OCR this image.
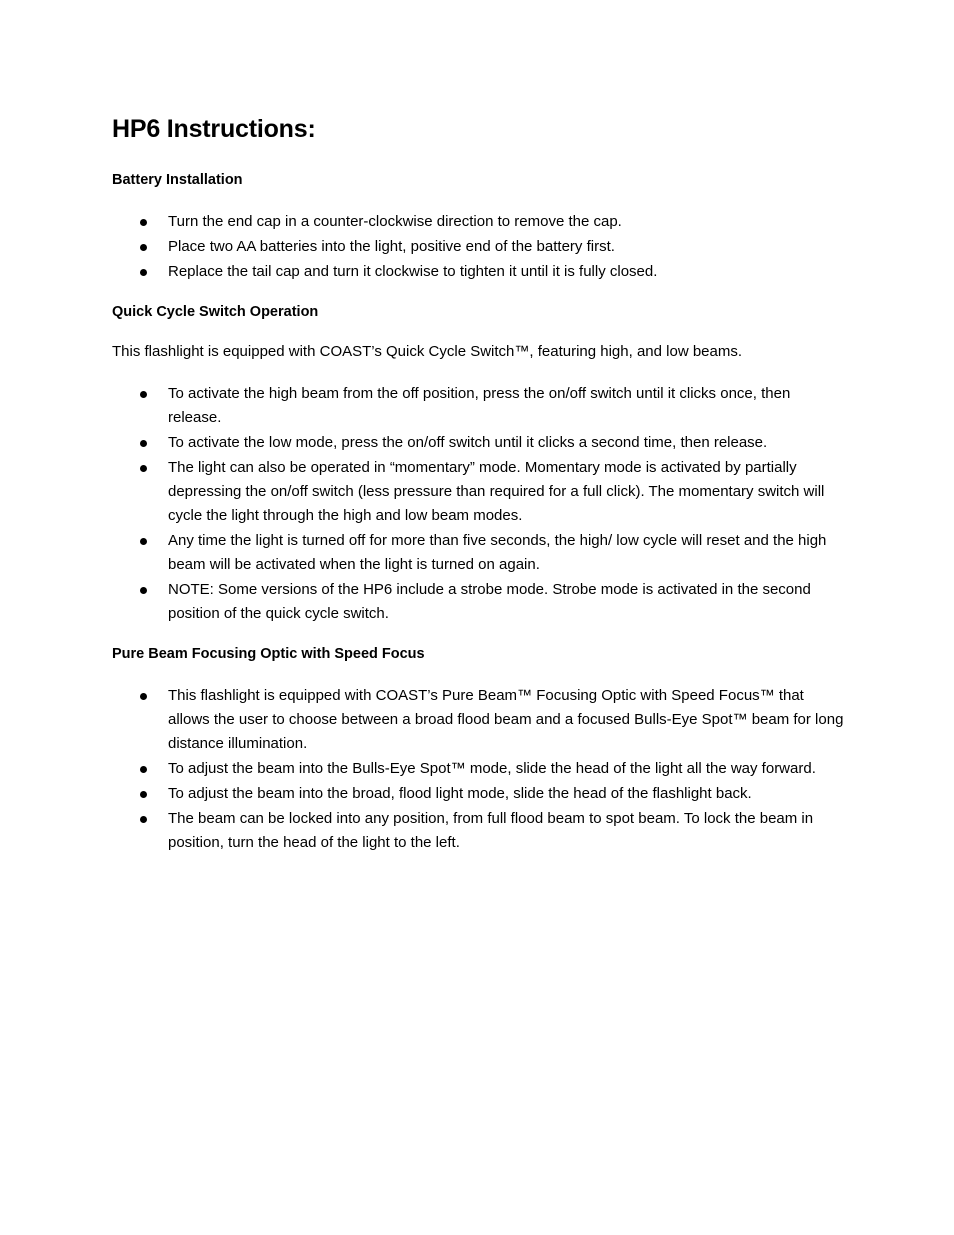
HP6 Instructions:
Battery Installation
Turn the end cap in a counter-clockwise direction to remove the cap.
Place two AA batteries into the light, positive end of the battery first.
Replace the tail cap and turn it clockwise to tighten it until it is fully closed.
Quick Cycle Switch Operation

This flashlight is equipped with COAST’s Quick Cycle Switch™, featuring high, and low beams.

To activate the high beam from the off position, press the on/off switch until it clicks once, then release.
To activate the low mode, press the on/off switch until it clicks a second time, then release.
The light can also be operated in “momentary” mode. Momentary mode is activated by partially depressing the on/off switch (less pressure than required for a full click). The momentary switch will cycle the light through the high and low beam modes.
Any time the light is turned off for more than five seconds, the high/ low cycle will reset and the high beam will be activated when the light is turned on again.
NOTE: Some versions of the HP6 include a strobe mode. Strobe mode is activated in the second position of the quick cycle switch.
Pure Beam Focusing Optic with Speed Focus
This flashlight is equipped with COAST’s Pure Beam™ Focusing Optic with Speed Focus™ that allows the user to choose between a broad flood beam and a focused Bulls-Eye Spot™ beam for long distance illumination.
To adjust the beam into the Bulls-Eye Spot™ mode, slide the head of the light all the way forward.
To adjust the beam into the broad, flood light mode, slide the head of the flashlight back.
The beam can be locked into any position, from full flood beam to spot beam. To lock the beam in position, turn the head of the light to the left.
